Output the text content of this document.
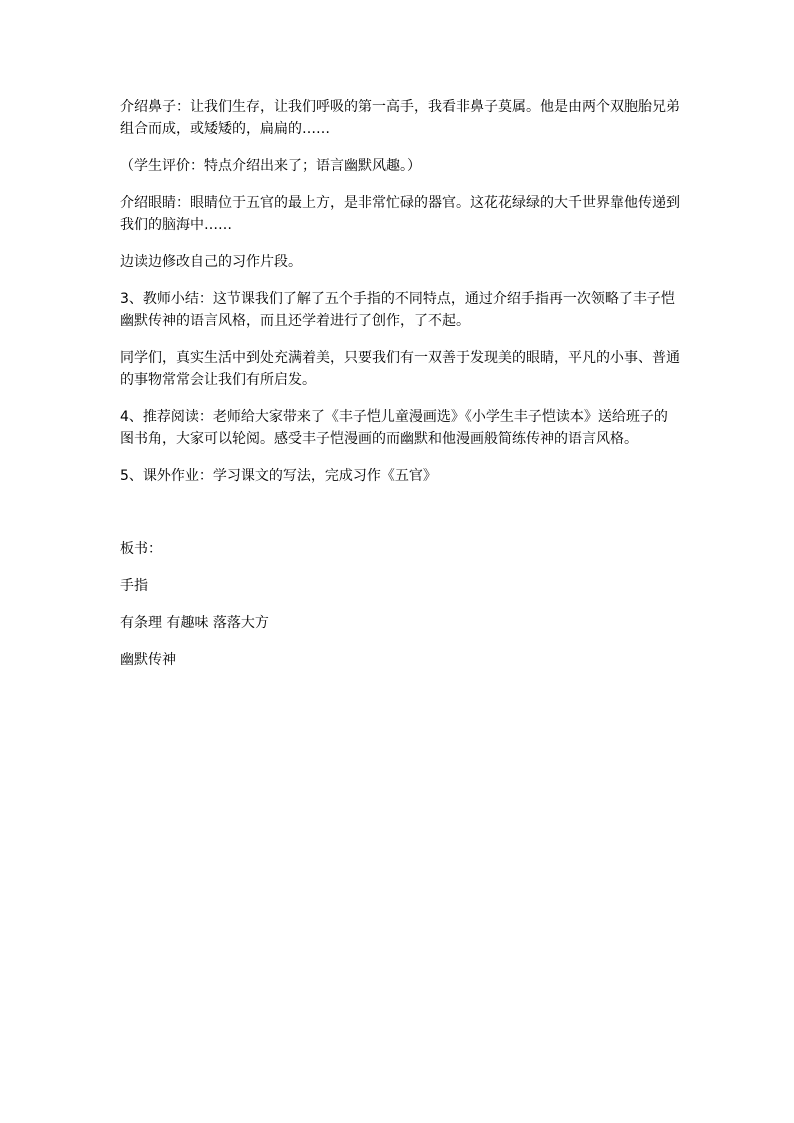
介绍鼻子：让我们生存，让我们呼吸的第一高手，我看非鼻子莫属。他是由两个双胞胎兄弟组合而成，或矮矮的，扁扁的……

（学生评价：特点介绍出来了；语言幽默风趣。）

介绍眼睛：眼睛位于五官的最上方，是非常忙碌的器官。这花花绿绿的大千世界靠他传递到我们的脑海中……

边读边修改自己的习作片段。

3、教师小结：这节课我们了解了五个手指的不同特点，通过介绍手指再一次领略了丰子恺幽默传神的语言风格，而且还学着进行了创作，了不起。

同学们，真实生活中到处充满着美，只要我们有一双善于发现美的眼睛，平凡的小事、普通的事物常常会让我们有所启发。

4、推荐阅读：老师给大家带来了《丰子恺儿童漫画选》《小学生丰子恺读本》送给班子的图书角，大家可以轮阅。感受丰子恺漫画的而幽默和他漫画般简练传神的语言风格。

5、课外作业：学习课文的写法，完成习作《五官》

板书：

手指

有条理 有趣味 落落大方

幽默传神
